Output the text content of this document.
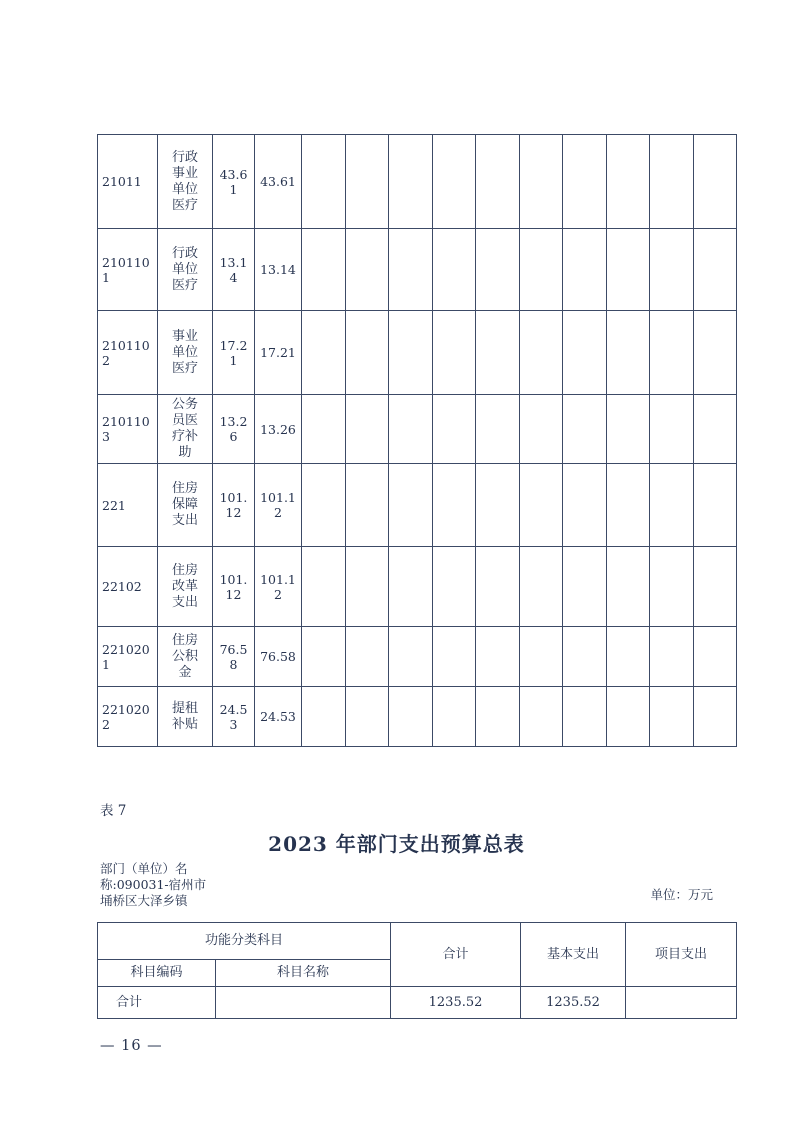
21011	行政事业单位医疗	43.61	43.61										
2101101	行政单位医疗	13.14	13.14										
2101102	事业单位医疗	17.21	17.21										
2101103	公务员医疗补助	13.26	13.26										
221	住房保障支出	101.12	101.12										
22102	住房改革支出	101.12	101.12										
2210201	住房公积金	76.58	76.58										
2210202	提租补贴	24.53	24.53										
表 7
2023 年部门支出预算总表
部门（单位）名
称:090031-宿州市
埇桥区大泽乡镇	单位：万元
功能分类科目		合计	基本支出	项目支出
科目编码	科目名称			
合计		1235.52	1235.52	
— 16 —
